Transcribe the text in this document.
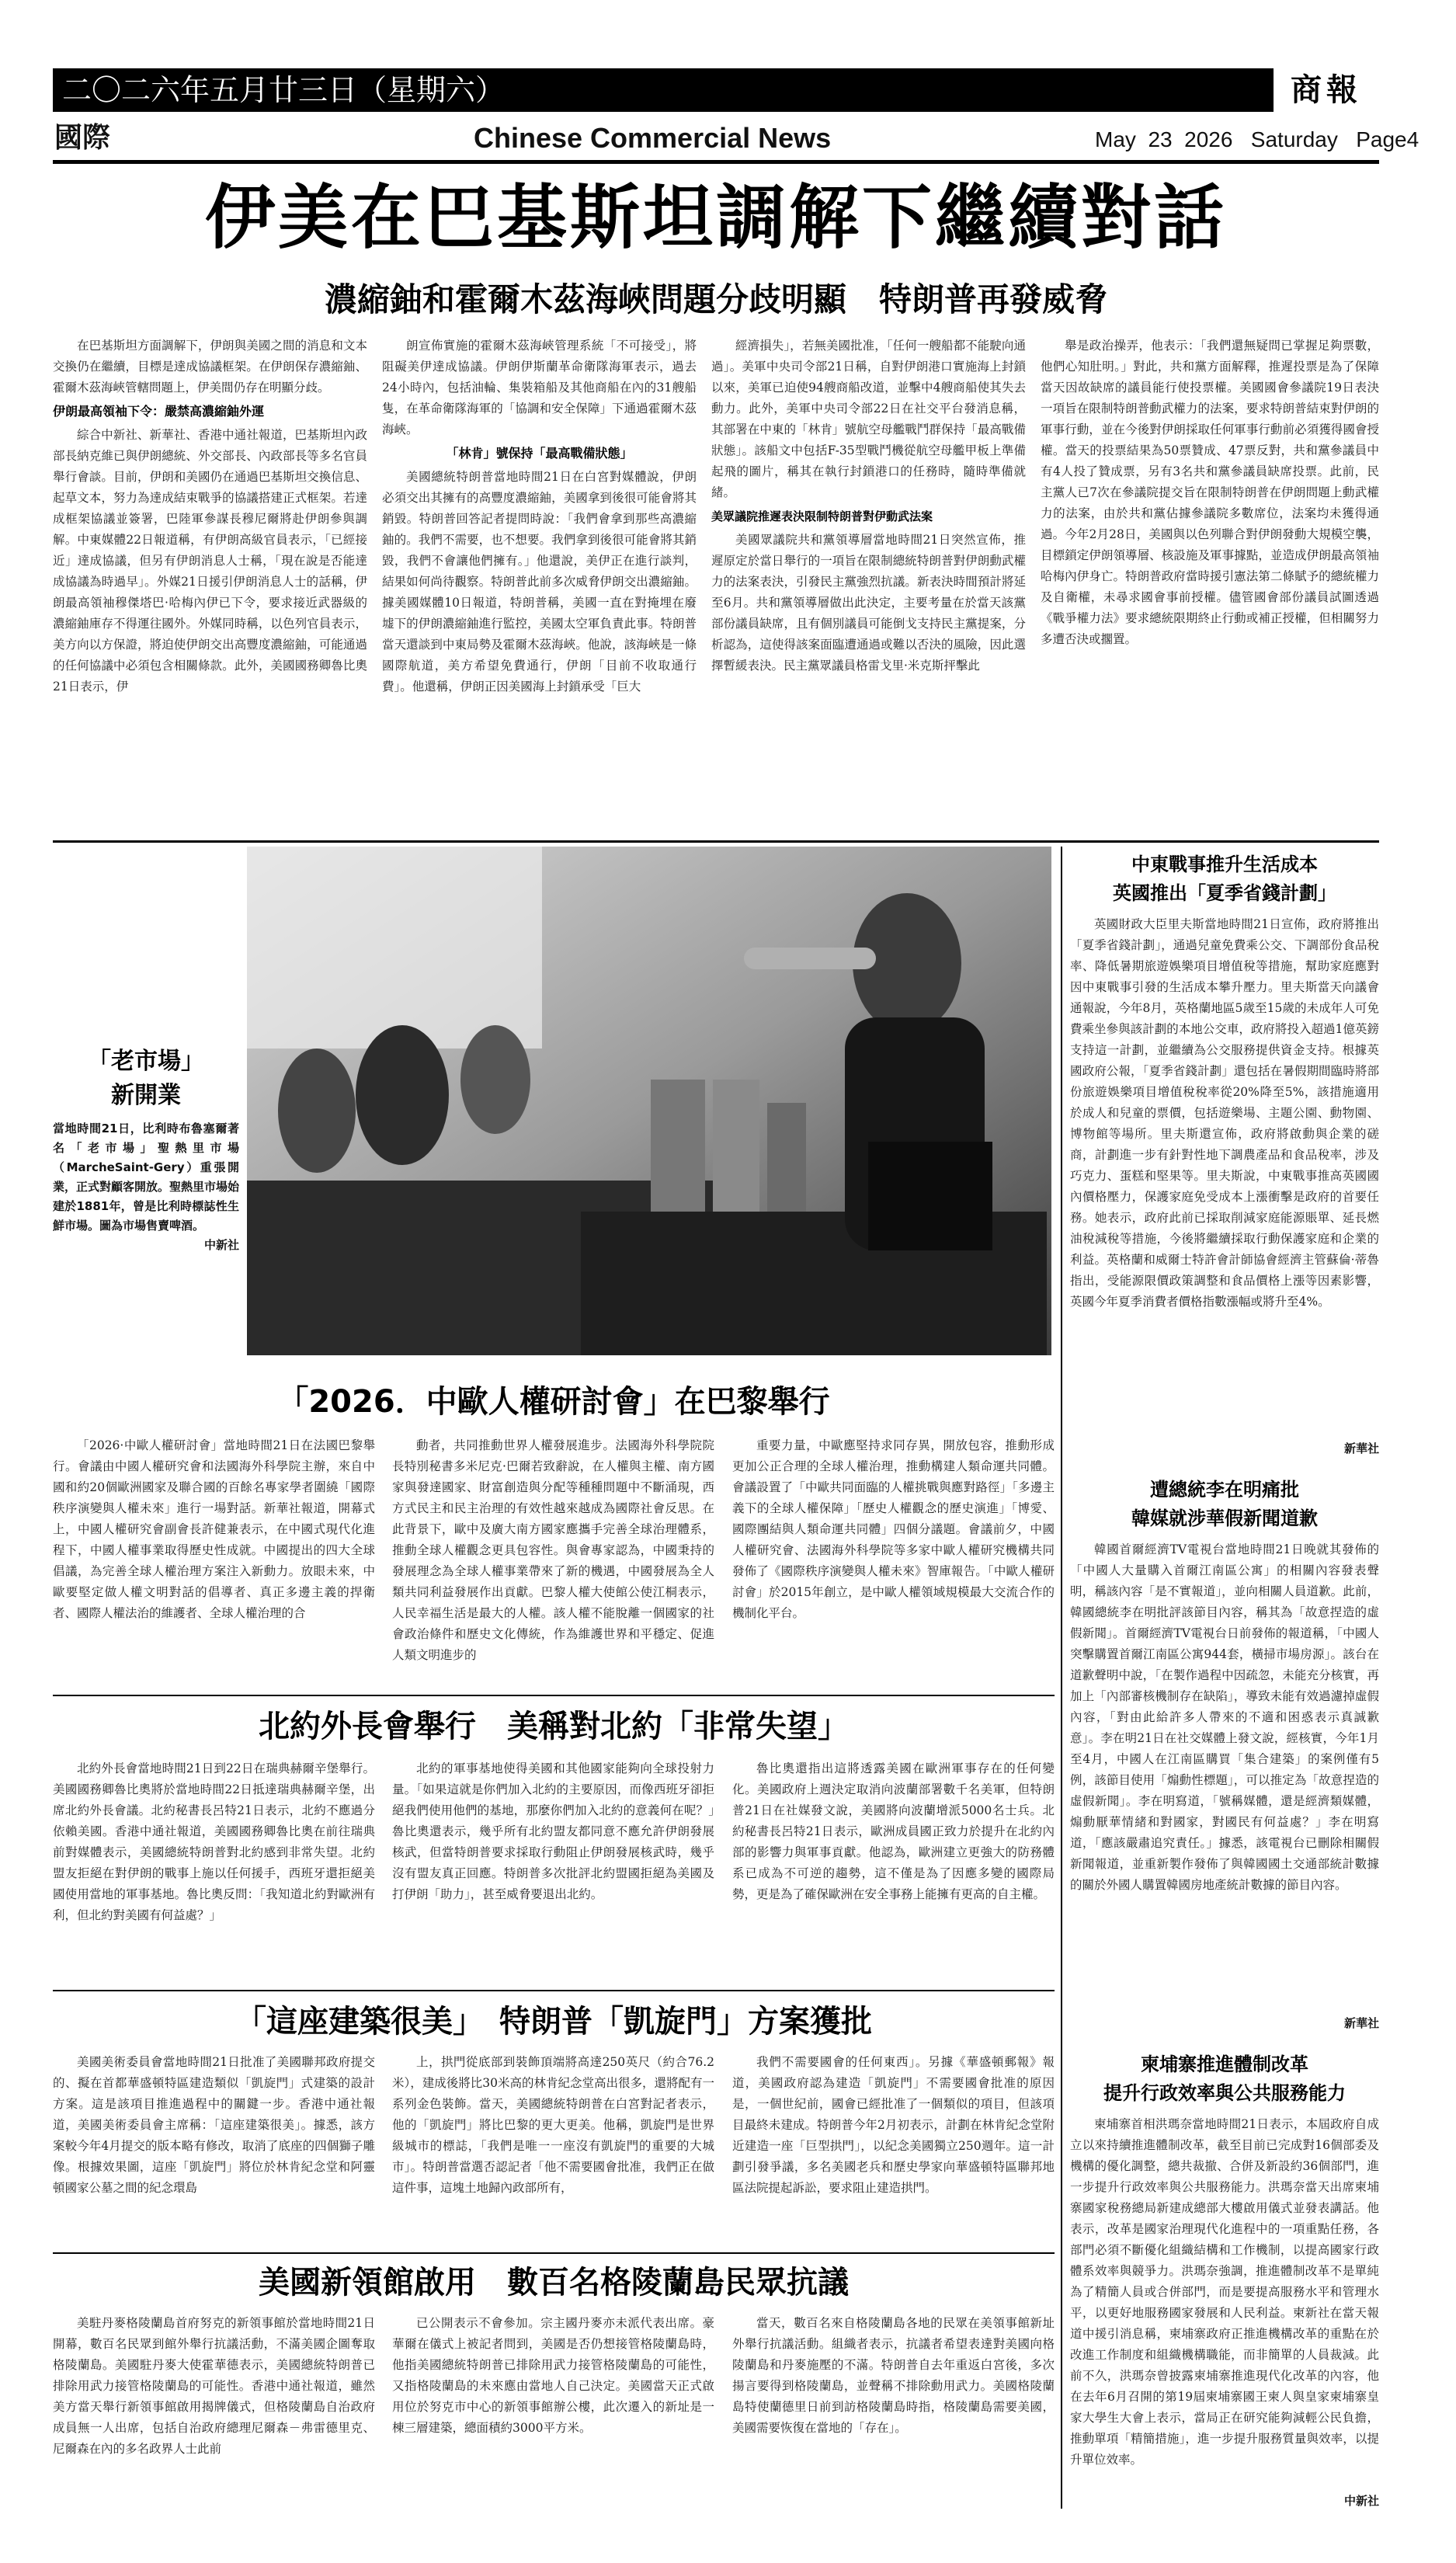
二〇二六年五月廿三日（星期六）	商報
國際	Chinese Commercial News	May  23  2026   Saturday   Page4
伊美在巴基斯坦調解下繼續對話
濃縮鈾和霍爾木茲海峽問題分歧明顯　特朗普再發威脅

在巴基斯坦方面調解下，伊朗與美國之間的消息和文本交換仍在繼續，目標是達成協議框架。在伊朗保存濃縮鈾、霍爾木茲海峽管轄問題上，伊美間仍存在明顯分歧。

伊朗最高領袖下令：嚴禁高濃縮鈾外運

綜合中新社、新華社、香港中通社報道，巴基斯坦內政部長納克維已與伊朗總統、外交部長、內政部長等多名官員舉行會談。目前，伊朗和美國仍在通過巴基斯坦交換信息、起草文本，努力為達成結束戰爭的協議搭建正式框架。若達成框架協議並簽署，巴陸軍參謀長穆尼爾將赴伊朗參與調解。中東媒體22日報道稱，有伊朗高級官員表示，「已經接近」達成協議，但另有伊朗消息人士稱，「現在說是否能達成協議為時過早」。外媒21日援引伊朗消息人士的話稱，伊朗最高領袖穆傑塔巴·哈梅內伊已下令，要求接近武器級的濃縮鈾庫存不得運往國外。外媒同時稱，以色列官員表示，美方向以方保證，將迫使伊朗交出高豐度濃縮鈾，可能通過的任何協議中必須包含相關條款。此外，美國國務卿魯比奧21日表示，伊

朗宣佈實施的霍爾木茲海峽管理系統「不可接受」，將阻礙美伊達成協議。伊朗伊斯蘭革命衛隊海軍表示，過去24小時內，包括油輪、集裝箱船及其他商船在內的31艘船隻，在革命衛隊海軍的「協調和安全保障」下通過霍爾木茲海峽。

「林肯」號保持「最高戰備狀態」

美國總統特朗普當地時間21日在白宮對媒體說，伊朗必須交出其擁有的高豐度濃縮鈾，美國拿到後很可能會將其銷毀。特朗普回答記者提問時說：「我們會拿到那些高濃縮鈾的。我們不需要，也不想要。我們拿到後很可能會將其銷毀，我們不會讓他們擁有。」他還說，美伊正在進行談判，結果如何尚待觀察。特朗普此前多次威脅伊朗交出濃縮鈾。據美國媒體10日報道，特朗普稱，美國一直在對掩埋在廢墟下的伊朗濃縮鈾進行監控，美國太空軍負責此事。特朗普當天還談到中東局勢及霍爾木茲海峽。他說，該海峽是一條國際航道，美方希望免費通行，伊朗「目前不收取通行費」。他還稱，伊朗正因美國海上封鎖承受「巨大

經濟損失」，若無美國批准，「任何一艘船都不能駛向通過」。美軍中央司令部21日稱，自對伊朗港口實施海上封鎖以來，美軍已迫使94艘商船改道，並擊中4艘商船使其失去動力。此外，美軍中央司令部22日在社交平台發消息稱，其部署在中東的「林肯」號航空母艦戰鬥群保持「最高戰備狀態」。該船文中包括F-35型戰鬥機從航空母艦甲板上準備起飛的圖片，稱其在執行封鎖港口的任務時，隨時準備就緒。

美眾議院推遲表決限制特朗普對伊動武法案

美國眾議院共和黨領導層當地時間21日突然宣佈，推遲原定於當日舉行的一項旨在限制總統特朗普對伊朗動武權力的法案表決，引發民主黨強烈抗議。新表決時間預計將延至6月。共和黨領導層做出此決定，主要考量在於當天該黨部份議員缺席，且有個別議員可能倒戈支持民主黨提案，分析認為，這使得該案面臨遭通過或難以否決的風險，因此選擇暫緩表決。民主黨眾議員格雷戈里·米克斯抨擊此

舉是政治操弄，他表示：「我們還無疑問已掌握足夠票數，他們心知肚明。」對此，共和黨方面解釋，推遲投票是為了保障當天因故缺席的議員能行使投票權。美國國會參議院19日表決一項旨在限制特朗普動武權力的法案，要求特朗普結束對伊朗的軍事行動，並在今後對伊朗採取任何軍事行動前必須獲得國會授權。當天的投票結果為50票贊成、47票反對，共和黨參議員中有4人投了贊成票，另有3名共和黨參議員缺席投票。此前，民主黨人已7次在參議院提交旨在限制特朗普在伊朗問題上動武權力的法案，由於共和黨佔據參議院多數席位，法案均未獲得通過。今年2月28日，美國與以色列聯合對伊朗發動大規模空襲，目標鎖定伊朗領導層、核設施及軍事據點，並造成伊朗最高領袖哈梅內伊身亡。特朗普政府當時援引憲法第二條賦予的總統權力及自衛權，未尋求國會事前授權。儘管國會部份議員試圖透過《戰爭權力法》要求總統限期終止行動或補正授權，但相關努力多遭否決或擱置。

「老市場」
新開業
當地時間21日，比利時布魯塞爾著名「老市場」聖熱里市場（MarcheSaint-Gery）重張開業，正式對顧客開放。聖熱里市場始建於1881年，曾是比利時標誌性生鮮市場。圖為市場售賣啤酒。
中新社
中東戰事推升生活成本
英國推出「夏季省錢計劃」

英國財政大臣里夫斯當地時間21日宣佈，政府將推出「夏季省錢計劃」，通過兒童免費乘公交、下調部份食品稅率、降低暑期旅遊娛樂項目增值稅等措施，幫助家庭應對因中東戰事引發的生活成本攀升壓力。里夫斯當天向議會通報說，今年8月，英格蘭地區5歲至15歲的未成年人可免費乘坐參與該計劃的本地公交車，政府將投入超過1億英鎊支持這一計劃，並繼續為公交服務提供資金支持。根據英國政府公報，「夏季省錢計劃」還包括在暑假期間臨時將部份旅遊娛樂項目增值稅稅率從20%降至5%，該措施適用於成人和兒童的票價，包括遊樂場、主題公園、動物園、博物館等場所。里夫斯還宣佈，政府將啟動與企業的磋商，計劃進一步有針對性地下調農產品和食品稅率，涉及巧克力、蛋糕和堅果等。里夫斯說，中東戰事推高英國國內價格壓力，保護家庭免受成本上漲衝擊是政府的首要任務。她表示，政府此前已採取削減家庭能源賬單、延長燃油稅減稅等措施，今後將繼續採取行動保護家庭和企業的利益。英格蘭和威爾士特許會計師協會經濟主管蘇倫·蒂魯指出，受能源限價政策調整和食品價格上漲等因素影響，英國今年夏季消費者價格指數漲幅或將升至4%。

新華社
遭總統李在明痛批
韓媒就涉華假新聞道歉

韓國首爾經濟TV電視台當地時間21日晚就其發佈的「中國人大量購入首爾江南區公寓」的相關內容發表聲明，稱該內容「是不實報道」，並向相關人員道歉。此前，韓國總統李在明批評該節目內容，稱其為「故意捏造的虛假新聞」。首爾經濟TV電視台日前發佈的報道稱，「中國人突擊購置首爾江南區公寓944套，橫掃市場房源」。該台在道歉聲明中說，「在製作過程中因疏忽，未能充分核實，再加上「內部審核機制存在缺陷」，導致未能有效過濾掉虛假內容，「對由此給許多人帶來的不適和困惑表示真誠歉意」。李在明21日在社交媒體上發文說，經核實，今年1月至4月，中國人在江南區購買「集合建築」的案例僅有5例，該節目使用「煽動性標題」，可以推定為「故意捏造的虛假新聞」。李在明寫道，「號稱媒體，還是經濟類媒體，煽動厭華情緒和對國家，對國民有何益處？」李在明寫道，「應該嚴肅追究責任。」據悉，該電視台已刪除相關假新聞報道，並重新製作發佈了與韓國國土交通部統計數據的關於外國人購置韓國房地產統計數據的節目內容。

新華社
柬埔寨推進體制改革
提升行政效率與公共服務能力

柬埔寨首相洪瑪奈當地時間21日表示，本屆政府自成立以來持續推進體制改革，截至目前已完成對16個部委及機構的優化調整，總共裁撤、合併及新設約36個部門，進一步提升行政效率與公共服務能力。洪瑪奈當天出席柬埔寨國家稅務總局新建成總部大樓啟用儀式並發表講話。他表示，改革是國家治理現代化進程中的一項重點任務，各部門必須不斷優化組織結構和工作機制，以提高國家行政體系效率與競爭力。洪瑪奈強調，推進體制改革不是單純為了精簡人員或合併部門，而是要提高服務水平和管理水平，以更好地服務國家發展和人民利益。柬新社在當天報道中援引消息稱，柬埔寨政府正推進機構改革的重點在於改進工作制度和組織機構職能，而非簡單的人員裁減。此前不久，洪瑪奈曾披露柬埔寨推進現代化改革的內容，他在去年6月召開的第19屆柬埔寨國王柬人與皇家柬埔寨皇家大學生大會上表示，當局正在研究能夠減輕公民負擔，推動單項「精簡措施」，進一步提升服務質量與效率，以提升單位效率。

中新社
「2026．中歐人權研討會」在巴黎舉行

「2026·中歐人權研討會」當地時間21日在法國巴黎舉行。會議由中國人權研究會和法國海外科學院主辦，來自中國和約20個歐洲國家及聯合國的百餘名專家學者圍繞「國際秩序演變與人權未來」進行一場對話。新華社報道，開幕式上，中國人權研究會副會長許健兼表示，在中國式現代化進程下，中國人權事業取得歷史性成就。中國提出的四大全球倡議，為完善全球人權治理方案注入新動力。放眼未來，中歐要堅定做人權文明對話的倡導者、真正多邊主義的捍衛者、國際人權法治的維護者、全球人權治理的合

動者，共同推動世界人權發展進步。法國海外科學院院長特別秘書多米尼克·巴爾若致辭說，在人權與主權、南方國家與發達國家、財富創造與分配等種種問題中不斷涌現，西方式民主和民主治理的有效性越來越成為國際社會反思。在此背景下，歐中及廣大南方國家應攜手完善全球治理體系，推動全球人權觀念更具包容性。與會專家認為，中國秉持的發展理念為全球人權事業帶來了新的機遇，中國發展為全人類共同利益發展作出貢獻。巴黎人權大使館公使江桐表示，人民幸福生活是最大的人權。該人權不能脫離一個國家的社會政治條件和歷史文化傳統，作為維護世界和平穩定、促進人類文明進步的

重要力量，中歐應堅持求同存異，開放包容，推動形成更加公正合理的全球人權治理，推動構建人類命運共同體。會議設置了「中歐共同面臨的人權挑戰與應對路徑」「多邊主義下的全球人權保障」「歷史人權觀念的歷史演進」「博愛、國際團結與人類命運共同體」四個分議題。會議前夕，中國人權研究會、法國海外科學院等多家中歐人權研究機構共同發佈了《國際秩序演變與人權未來》智庫報告。「中歐人權研討會」於2015年創立，是中歐人權領域規模最大交流合作的機制化平台。

北約外長會舉行　美稱對北約「非常失望」

北約外長會當地時間21日到22日在瑞典赫爾辛堡舉行。美國國務卿魯比奧將於當地時間22日抵達瑞典赫爾辛堡，出席北約外長會議。北約秘書長呂特21日表示，北約不應過分依賴美國。香港中通社報道，美國國務卿魯比奧在前往瑞典前對媒體表示，美國總統特朗普對北約感到非常失望。北約盟友拒絕在對伊朗的戰事上施以任何援手，西班牙還拒絕美國使用當地的軍事基地。魯比奧反問：「我知道北約對歐洲有利，但北約對美國有何益處？」

北約的軍事基地使得美國和其他國家能夠向全球投射力量。「如果這就是你們加入北約的主要原因，而像西班牙卻拒絕我們使用他們的基地，那麼你們加入北約的意義何在呢？」魯比奧還表示，幾乎所有北約盟友都同意不應允許伊朗發展核武，但當特朗普要求採取行動阻止伊朗發展核武時，幾乎沒有盟友真正回應。特朗普多次批評北約盟國拒絕為美國及打伊朗「助力」，甚至威脅要退出北約。

魯比奧還指出這將透露美國在歐洲軍事存在的任何變化。美國政府上週決定取消向波蘭部署數千名美軍，但特朗普21日在社媒發文說，美國將向波蘭增派5000名士兵。北約秘書長呂特21日表示，歐洲成員國正致力於提升在北約內部的影響力與軍事貢獻。他認為，歐洲建立更強大的防務體系已成為不可逆的趨勢，這不僅是為了因應多變的國際局勢，更是為了確保歐洲在安全事務上能擁有更高的自主權。

「這座建築很美」　特朗普「凱旋門」方案獲批

美國美術委員會當地時間21日批准了美國聯邦政府提交的、擬在首都華盛頓特區建造類似「凱旋門」式建築的設計方案。這是該項目推進過程中的關鍵一步。香港中通社報道，美國美術委員會主席稱：「這座建築很美」。據悉，該方案較今年4月提交的版本略有修改，取消了底座的四個獅子雕像。根據效果圖，這座「凱旋門」將位於林肯紀念堂和阿靈頓國家公墓之間的紀念環島

上，拱門從底部到裝飾頂端將高達250英尺（約合76.2米），建成後將比30米高的林肯紀念堂高出很多，還將配有一系列金色裝飾。當天，美國總統特朗普在白宮對記者表示，他的「凱旋門」將比巴黎的更大更美。他稱，凱旋門是世界級城市的標誌，「我們是唯一一座沒有凱旋門的重要的大城市」。特朗普當選否認記者「他不需要國會批准，我們正在做這件事，這塊土地歸內政部所有，

我們不需要國會的任何東西」。另據《華盛頓郵報》報道，美國政府認為建造「凱旋門」不需要國會批准的原因是，一個世紀前，國會已經批准了一個類似的項目，但該項目最終未建成。特朗普今年2月初表示，計劃在林肯紀念堂附近建造一座「巨型拱門」，以紀念美國獨立250週年。這一計劃引發爭議，多名美國老兵和歷史學家向華盛頓特區聯邦地區法院提起訴訟，要求阻止建造拱門。

美國新領館啟用　數百名格陵蘭島民眾抗議

美駐丹麥格陵蘭島首府努克的新領事館於當地時間21日開幕，數百名民眾到館外舉行抗議活動，不滿美國企圖奪取格陵蘭島。美國駐丹麥大使霍華德表示，美國總統特朗普已排除用武力接管格陵蘭島的可能性。香港中通社報道，雖然美方當天舉行新領事館啟用揭牌儀式，但格陵蘭島自治政府成員無一人出席，包括自治政府總理尼爾森－弗雷德里克、尼爾森在內的多名政界人士此前

已公開表示不會參加。宗主國丹麥亦未派代表出席。豪華爾在儀式上被記者問到，美國是否仍想接管格陵蘭島時，他指美國總統特朗普已排除用武力接管格陵蘭島的可能性，又指格陵蘭島的未來應由當地人自己決定。美國當天正式啟用位於努克市中心的新領事館辦公樓，此次遷入的新址是一棟三層建築，總面積約3000平方米。

當天，數百名來自格陵蘭島各地的民眾在美領事館新址外舉行抗議活動。組織者表示，抗議者希望表達對美國向格陵蘭島和丹麥施壓的不滿。特朗普自去年重返白宮後，多次揚言要得到格陵蘭島，並聲稱不排除動用武力。美國格陵蘭島特使蘭德里日前到訪格陵蘭島時指，格陵蘭島需要美國，美國需要恢復在當地的「存在」。
